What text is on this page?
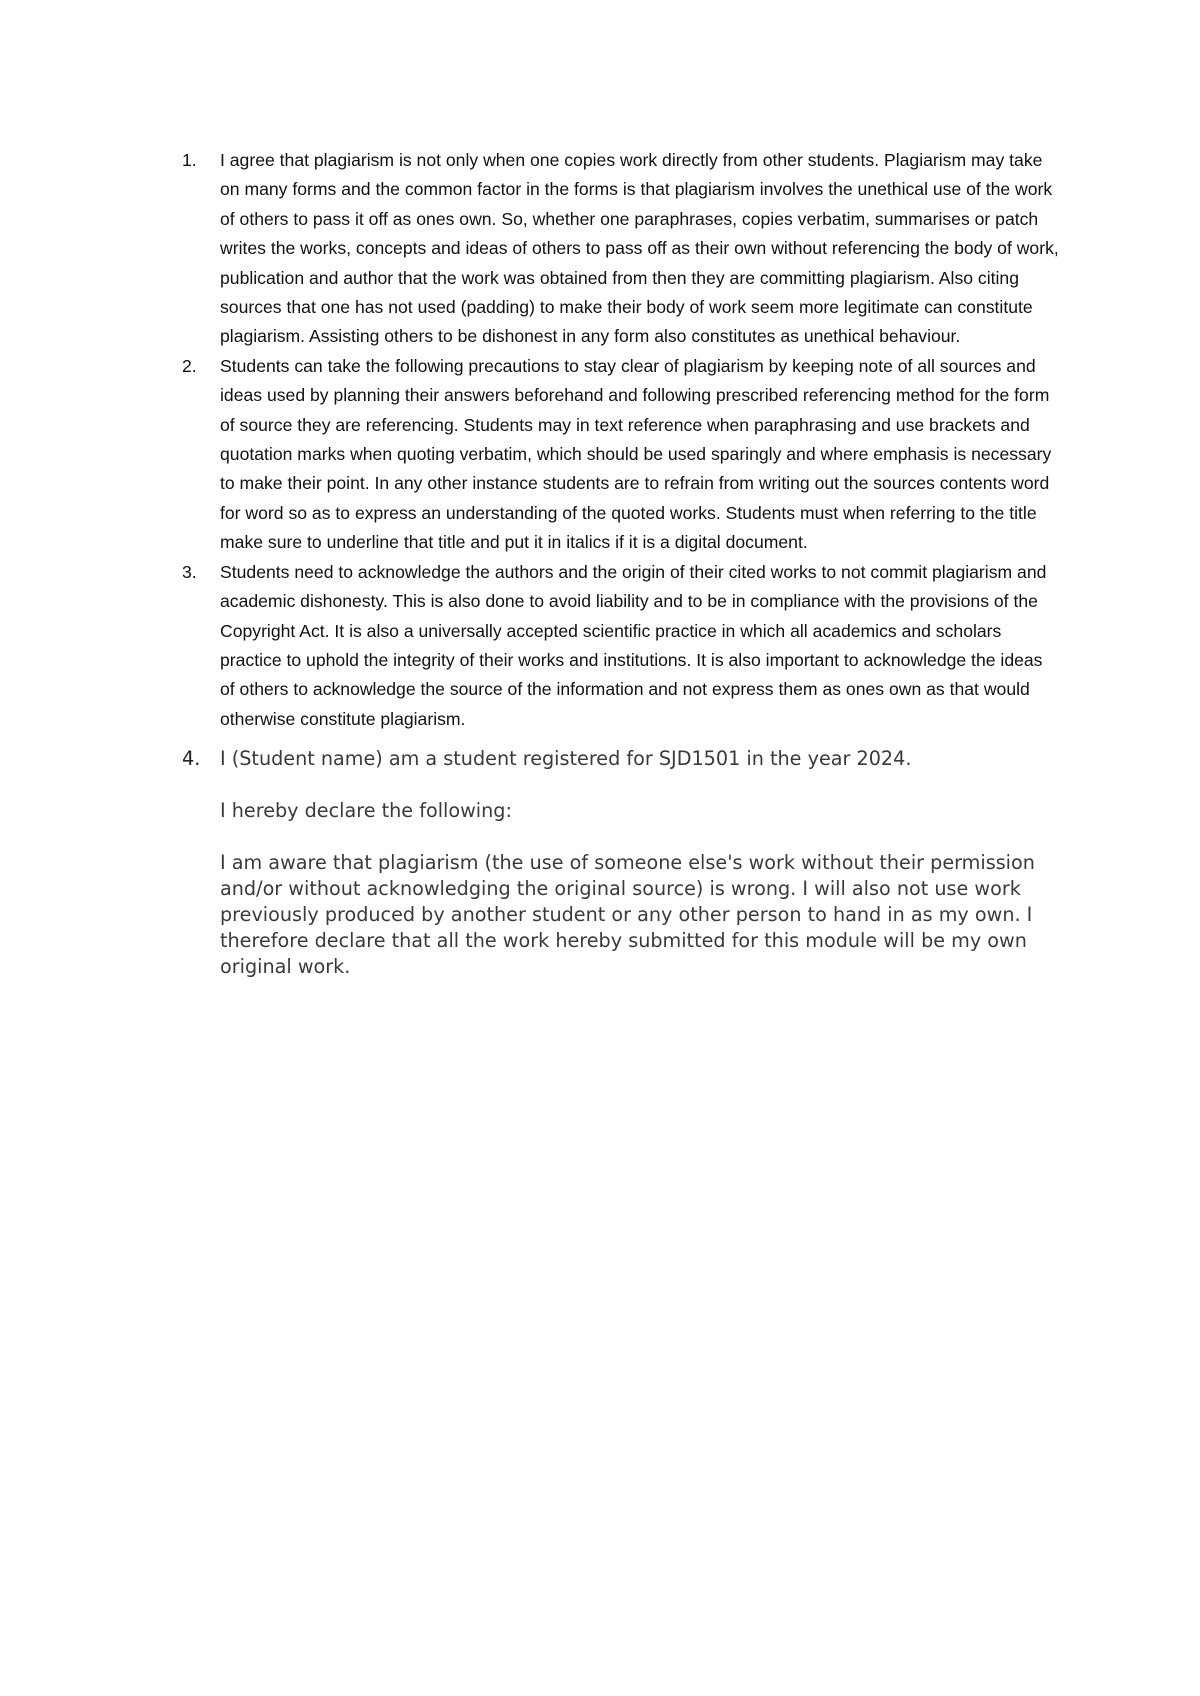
1.	I agree that plagiarism is not only when one copies work directly from other students. Plagiarism may take on many forms and the common factor in the forms is that plagiarism involves the unethical use of the work of others to pass it off as ones own. So, whether one paraphrases, copies verbatim, summarises or patch writes the works, concepts and ideas of others to pass off as their own without referencing the body of work, publication and author that the work was obtained from then they are committing plagiarism. Also citing sources that one has not used (padding) to make their body of work seem more legitimate can constitute plagiarism. Assisting others to be dishonest in any form also constitutes as unethical behaviour.
2.	Students can take the following precautions to stay clear of plagiarism by keeping note of all sources and ideas used by planning their answers beforehand and following prescribed referencing method for the form of source they are referencing. Students may in text reference when paraphrasing and use brackets and quotation marks when quoting verbatim, which should be used sparingly and where emphasis is necessary to make their point. In any other instance students are to refrain from writing out the sources contents word for word so as to express an understanding of the quoted works. Students must when referring to the title make sure to underline that title and put it in italics if it is a digital document.
3.	Students need to acknowledge the authors and the origin of their cited works to not commit plagiarism and academic dishonesty. This is also done to avoid liability and to be in compliance with the provisions of the Copyright Act. It is also a universally accepted scientific practice in which all academics and scholars practice to uphold the integrity of their works and institutions. It is also important to acknowledge the ideas of others to acknowledge the source of the information and not express them as ones own as that would otherwise constitute plagiarism.
4.	I (Student name) am a student registered for SJD1501 in the year 2024.
I hereby declare the following:
I am aware that plagiarism (the use of someone else's work without their permission and/or without acknowledging the original source) is wrong. I will also not use work previously produced by another student or any other person to hand in as my own. I therefore declare that all the work hereby submitted for this module will be my own original work.
